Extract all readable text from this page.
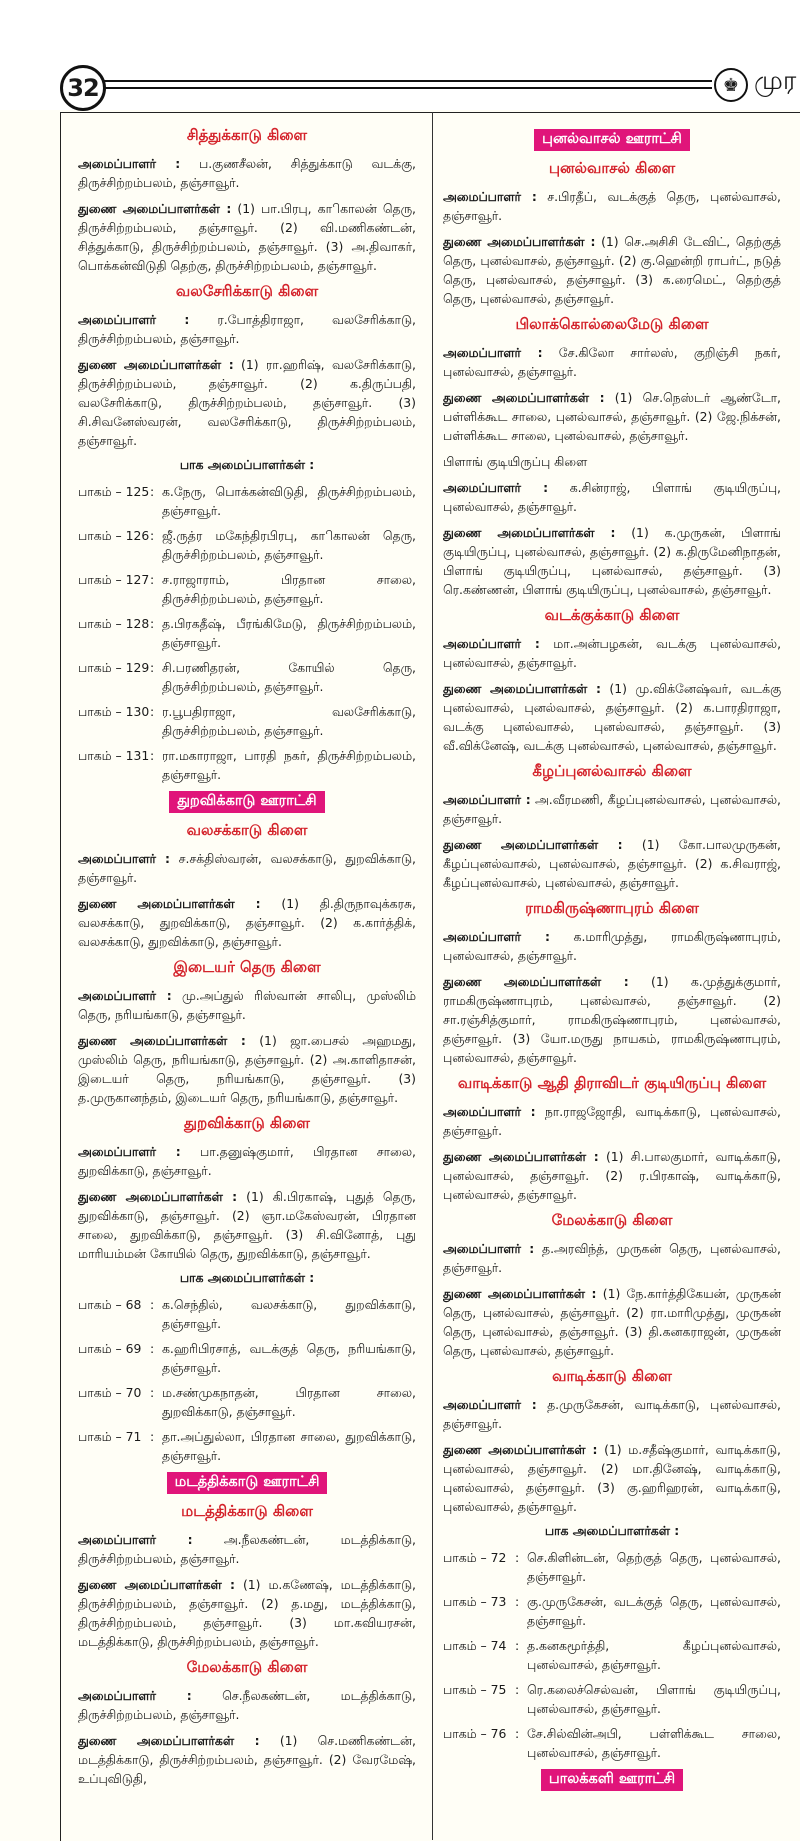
32	♚ முர
சித்துக்காடு கிளை
அமைப்பாளர் : ப.குணசீலன், சித்துக்காடு வடக்கு, திருச்சிற்றம்பலம், தஞ்சாவூர்.
துணை அமைப்பாளர்கள் : (1) பா.பிரபு, காிகாலன் தெரு, திருச்சிற்றம்பலம், தஞ்சாவூர். (2) வி.மணிகண்டன், சித்துக்காடு, திருச்சிற்றம்பலம், தஞ்சாவூர். (3) அ.திவாகர், பொக்கன்விடுதி தெற்கு, திருச்சிற்றம்பலம், தஞ்சாவூர்.
வலசேரிக்காடு கிளை
அமைப்பாளர் : ர.போத்திராஜா, வலசேரிக்காடு, திருச்சிற்றம்பலம், தஞ்சாவூர்.
துணை அமைப்பாளர்கள் : (1) ரா.ஹரிஷ், வலசேரிக்காடு, திருச்சிற்றம்பலம், தஞ்சாவூர். (2) க.திருப்பதி, வலசேரிக்காடு, திருச்சிற்றம்பலம், தஞ்சாவூர். (3) சி.சிவனேஸ்வரன், வலசேரிக்காடு, திருச்சிற்றம்பலம், தஞ்சாவூர்.
பாக அமைப்பாளர்கள் :
பாகம் – 125 : க.நேரு, பொக்கன்விடுதி, திருச்சிற்றம்பலம், தஞ்சாவூர்.
பாகம் – 126 : ஜீ.ருத்ர மகேந்திரபிரபு, காிகாலன் தெரு, திருச்சிற்றம்பலம், தஞ்சாவூர்.
பாகம் – 127 : ச.ராஜாராம், பிரதான சாலை, திருச்சிற்றம்பலம், தஞ்சாவூர்.
பாகம் – 128 : த.பிரகதீஷ், பீரங்கிமேடு, திருச்சிற்றம்பலம், தஞ்சாவூர்.
பாகம் – 129 : சி.பரணிதரன், கோயில் தெரு, திருச்சிற்றம்பலம், தஞ்சாவூர்.
பாகம் – 130 : ர.பூபதிராஜா, வலசேரிக்காடு, திருச்சிற்றம்பலம், தஞ்சாவூர்.
பாகம் – 131 : ரா.மகாராஜா, பாரதி நகர், திருச்சிற்றம்பலம், தஞ்சாவூர்.
துறவிக்காடு ஊராட்சி
வலசக்காடு கிளை
அமைப்பாளர் : ச.சக்திஸ்வரன், வலசக்காடு, துறவிக்காடு, தஞ்சாவூர்.
துணை அமைப்பாளர்கள் : (1) தி.திருநாவுக்கரசு, வலசக்காடு, துறவிக்காடு, தஞ்சாவூர். (2) க.கார்த்திக், வலசக்காடு, துறவிக்காடு, தஞ்சாவூர்.
இடையர் தெரு கிளை
அமைப்பாளர் : மு.அப்துல் ரிஸ்வான் சாலிபு, முஸ்லிம் தெரு, நரியங்காடு, தஞ்சாவூர்.
துணை அமைப்பாளர்கள் : (1) ஜா.பைசல் அஹமது, முஸ்லிம் தெரு, நரியங்காடு, தஞ்சாவூர். (2) அ.காளிதாசன், இடையர் தெரு, நரியங்காடு, தஞ்சாவூர். (3) த.முருகானந்தம், இடையர் தெரு, நரியங்காடு, தஞ்சாவூர்.
துறவிக்காடு கிளை
அமைப்பாளர் : பா.தனுஷ்குமார், பிரதான சாலை, துறவிக்காடு, தஞ்சாவூர்.
துணை அமைப்பாளர்கள் : (1) கி.பிரகாஷ், புதுத் தெரு, துறவிக்காடு, தஞ்சாவூர். (2) ஞா.மகேஸ்வரன், பிரதான சாலை, துறவிக்காடு, தஞ்சாவூர். (3) சி.வினோத், புது மாரியம்மன் கோயில் தெரு, துறவிக்காடு, தஞ்சாவூர்.
பாக அமைப்பாளர்கள் :
பாகம் – 68 : க.செந்தில், வலசக்காடு, துறவிக்காடு, தஞ்சாவூர்.
பாகம் – 69 : க.ஹரிபிரசாத், வடக்குத் தெரு, நரியங்காடு, தஞ்சாவூர்.
பாகம் – 70 : ம.சண்முகநாதன், பிரதான சாலை, துறவிக்காடு, தஞ்சாவூர்.
பாகம் – 71 : தா.அப்துல்லா, பிரதான சாலை, துறவிக்காடு, தஞ்சாவூர்.
மடத்திக்காடு ஊராட்சி
மடத்திக்காடு கிளை
அமைப்பாளர் : அ.நீலகண்டன், மடத்திக்காடு, திருச்சிற்றம்பலம், தஞ்சாவூர்.
துணை அமைப்பாளர்கள் : (1) ம.கணேஷ், மடத்திக்காடு, திருச்சிற்றம்பலம், தஞ்சாவூர். (2) த.மது, மடத்திக்காடு, திருச்சிற்றம்பலம், தஞ்சாவூர். (3) மா.கவியரசன், மடத்திக்காடு, திருச்சிற்றம்பலம், தஞ்சாவூர்.
மேலக்காடு கிளை
அமைப்பாளர் : செ.நீலகண்டன், மடத்திக்காடு, திருச்சிற்றம்பலம், தஞ்சாவூர்.
துணை அமைப்பாளர்கள் : (1) செ.மணிகண்டன், மடத்திக்காடு, திருச்சிற்றம்பலம், தஞ்சாவூர். (2) வேரமேஷ், உப்புவிடுதி,
புனல்வாசல் ஊராட்சி
புனல்வாசல் கிளை
அமைப்பாளர் : ச.பிரதீப், வடக்குத் தெரு, புனல்வாசல், தஞ்சாவூர்.
துணை அமைப்பாளர்கள் : (1) செ.அசிசி டேவிட், தெற்குத் தெரு, புனல்வாசல், தஞ்சாவூர். (2) கு.ஹென்றி ராபர்ட், நடுத் தெரு, புனல்வாசல், தஞ்சாவூர். (3) க.ரைமெட், தெற்குத் தெரு, புனல்வாசல், தஞ்சாவூர்.
பிலாக்கொல்லைமேடு கிளை
அமைப்பாளர் : சே.கிலோ சார்லஸ், குறிஞ்சி நகர், புனல்வாசல், தஞ்சாவூர்.
துணை அமைப்பாளர்கள் : (1) செ.நெஸ்டர் ஆண்டோ, பள்ளிக்கூட சாலை, புனல்வாசல், தஞ்சாவூர். (2) ஜே.நிக்சன், பள்ளிக்கூட சாலை, புனல்வாசல், தஞ்சாவூர்.
பிளாங் குடியிருப்பு கிளை
அமைப்பாளர் : க.சின்ராஜ், பிளாங் குடியிருப்பு, புனல்வாசல், தஞ்சாவூர்.
துணை அமைப்பாளர்கள் : (1) க.முருகன், பிளாங் குடியிருப்பு, புனல்வாசல், தஞ்சாவூர். (2) க.திருமேனிநாதன், பிளாங் குடியிருப்பு, புனல்வாசல், தஞ்சாவூர். (3) ரெ.கண்ணன், பிளாங் குடியிருப்பு, புனல்வாசல், தஞ்சாவூர்.
வடக்குக்காடு கிளை
அமைப்பாளர் : மா.அன்பழகன், வடக்கு புனல்வாசல், புனல்வாசல், தஞ்சாவூர்.
துணை அமைப்பாளர்கள் : (1) மு.விக்னேஷ்வர், வடக்கு புனல்வாசல், புனல்வாசல், தஞ்சாவூர். (2) க.பாரதிராஜா, வடக்கு புனல்வாசல், புனல்வாசல், தஞ்சாவூர். (3) வீ.விக்னேஷ், வடக்கு புனல்வாசல், புனல்வாசல், தஞ்சாவூர்.
கீழப்புனல்வாசல் கிளை
அமைப்பாளர் : அ.வீரமணி, கீழப்புனல்வாசல், புனல்வாசல், தஞ்சாவூர்.
துணை அமைப்பாளர்கள் : (1) கோ.பாலமுருகன், கீழப்புனல்வாசல், புனல்வாசல், தஞ்சாவூர். (2) க.சிவராஜ், கீழப்புனல்வாசல், புனல்வாசல், தஞ்சாவூர்.
ராமகிருஷ்ணாபுரம் கிளை
அமைப்பாளர் : க.மாரிமுத்து, ராமகிருஷ்ணாபுரம், புனல்வாசல், தஞ்சாவூர்.
துணை அமைப்பாளர்கள் : (1) க.முத்துக்குமார், ராமகிருஷ்ணாபுரம், புனல்வாசல், தஞ்சாவூர். (2) சா.ரஞ்சித்குமார், ராமகிருஷ்ணாபுரம், புனல்வாசல், தஞ்சாவூர். (3) யோ.மருது நாயகம், ராமகிருஷ்ணாபுரம், புனல்வாசல், தஞ்சாவூர்.
வாடிக்காடு ஆதி திராவிடர் குடியிருப்பு கிளை
அமைப்பாளர் : நா.ராஜஜோதி, வாடிக்காடு, புனல்வாசல், தஞ்சாவூர்.
துணை அமைப்பாளர்கள் : (1) சி.பாலகுமார், வாடிக்காடு, புனல்வாசல், தஞ்சாவூர். (2) ர.பிரகாஷ், வாடிக்காடு, புனல்வாசல், தஞ்சாவூர்.
மேலக்காடு கிளை
அமைப்பாளர் : த.அரவிந்த், முருகன் தெரு, புனல்வாசல், தஞ்சாவூர்.
துணை அமைப்பாளர்கள் : (1) நே.கார்த்திகேயன், முருகன் தெரு, புனல்வாசல், தஞ்சாவூர். (2) ரா.மாரிமுத்து, முருகன் தெரு, புனல்வாசல், தஞ்சாவூர். (3) தி.கனகராஜன், முருகன் தெரு, புனல்வாசல், தஞ்சாவூர்.
வாடிக்காடு கிளை
அமைப்பாளர் : த.முருகேசன், வாடிக்காடு, புனல்வாசல், தஞ்சாவூர்.
துணை அமைப்பாளர்கள் : (1) ம.சதீஷ்குமார், வாடிக்காடு, புனல்வாசல், தஞ்சாவூர். (2) மா.தினேஷ், வாடிக்காடு, புனல்வாசல், தஞ்சாவூர். (3) கு.ஹரிஹரன், வாடிக்காடு, புனல்வாசல், தஞ்சாவூர்.
பாக அமைப்பாளர்கள் :
பாகம் – 72 : செ.கிளின்டன், தெற்குத் தெரு, புனல்வாசல், தஞ்சாவூர்.
பாகம் – 73 : கு.முருகேசன், வடக்குத் தெரு, புனல்வாசல், தஞ்சாவூர்.
பாகம் – 74 : த.கனகமூர்த்தி, கீழப்புனல்வாசல், புனல்வாசல், தஞ்சாவூர்.
பாகம் – 75 : ரெ.கலைச்செல்வன், பிளாங் குடியிருப்பு, புனல்வாசல், தஞ்சாவூர்.
பாகம் – 76 : சே.சில்வின்அபி, பள்ளிக்கூட சாலை, புனல்வாசல், தஞ்சாவூர்.
பாலக்களி ஊராட்சி
